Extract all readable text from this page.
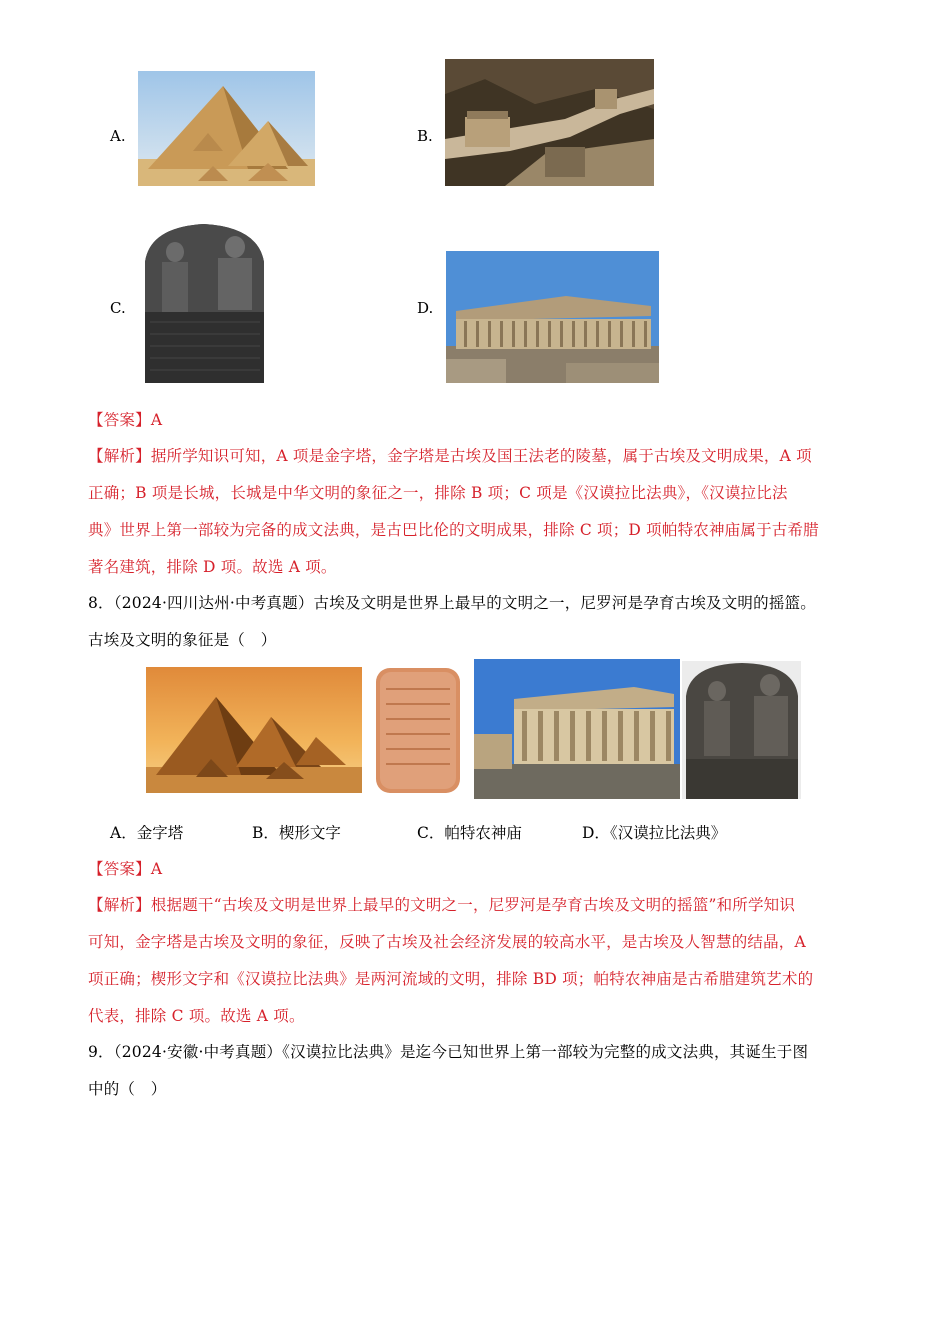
A.	B.
C.	D.
【答案】A
【解析】据所学知识可知，A 项是金字塔，金字塔是古埃及国王法老的陵墓，属于古埃及文明成果，A 项
正确；B 项是长城，长城是中华文明的象征之一，排除 B 项；C 项是《汉谟拉比法典》，《汉谟拉比法
典》世界上第一部较为完备的成文法典，是古巴比伦的文明成果，排除 C 项；D 项帕特农神庙属于古希腊
著名建筑，排除 D 项。故选 A 项。
8．（2024·四川达州·中考真题）古埃及文明是世界上最早的文明之一，尼罗河是孕育古埃及文明的摇篮。
古埃及文明的象征是（　）
A．金字塔	B．楔形文字	C．帕特农神庙	D．《汉谟拉比法典》
【答案】A
【解析】根据题干“古埃及文明是世界上最早的文明之一，尼罗河是孕育古埃及文明的摇篮”和所学知识
可知，金字塔是古埃及文明的象征，反映了古埃及社会经济发展的较高水平，是古埃及人智慧的结晶，A
项正确；楔形文字和《汉谟拉比法典》是两河流域的文明，排除 BD 项；帕特农神庙是古希腊建筑艺术的
代表，排除 C 项。故选 A 项。
9．（2024·安徽·中考真题）《汉谟拉比法典》是迄今已知世界上第一部较为完整的成文法典，其诞生于图
中的（　）
